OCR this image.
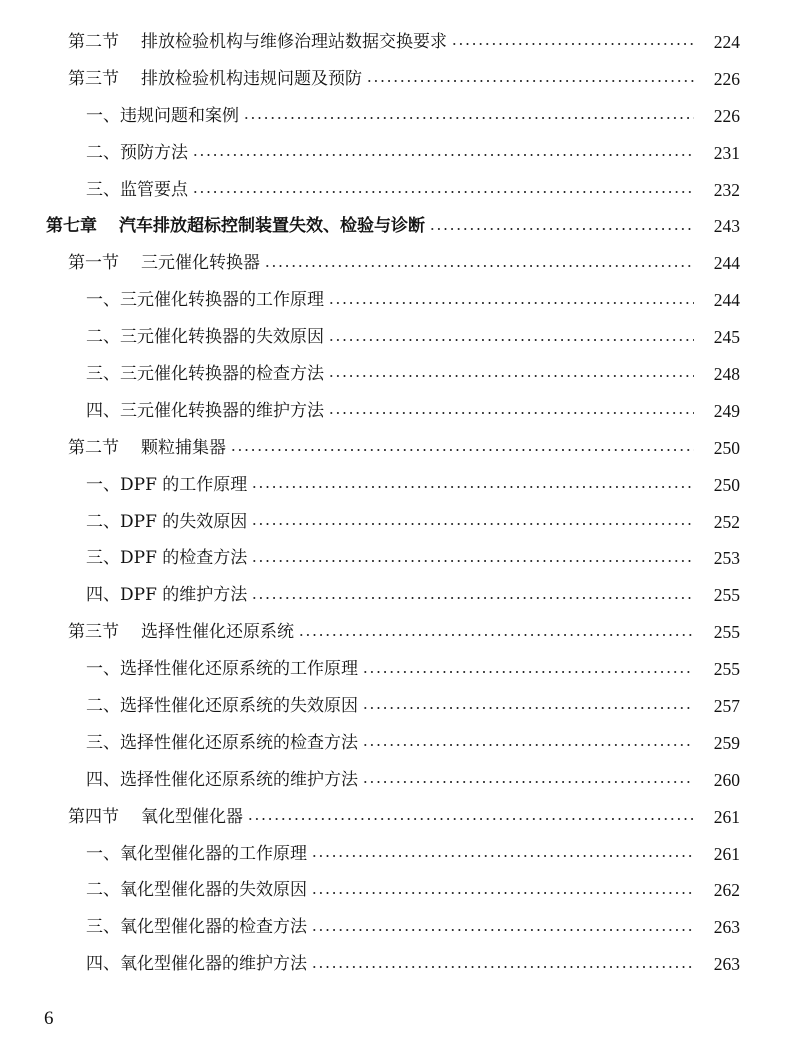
第二节 排放检验机构与维修治理站数据交换要求	224
第三节 排放检验机构违规问题及预防	226
一、违规问题和案例	226
二、预防方法	231
三、监管要点	232
第七章 汽车排放超标控制装置失效、检验与诊断	243
第一节 三元催化转换器	244
一、三元催化转换器的工作原理	244
二、三元催化转换器的失效原因	245
三、三元催化转换器的检查方法	248
四、三元催化转换器的维护方法	249
第二节 颗粒捕集器	250
一、DPF 的工作原理	250
二、DPF 的失效原因	252
三、DPF 的检查方法	253
四、DPF 的维护方法	255
第三节 选择性催化还原系统	255
一、选择性催化还原系统的工作原理	255
二、选择性催化还原系统的失效原因	257
三、选择性催化还原系统的检查方法	259
四、选择性催化还原系统的维护方法	260
第四节 氧化型催化器	261
一、氧化型催化器的工作原理	261
二、氧化型催化器的失效原因	262
三、氧化型催化器的检查方法	263
四、氧化型催化器的维护方法	263
6
